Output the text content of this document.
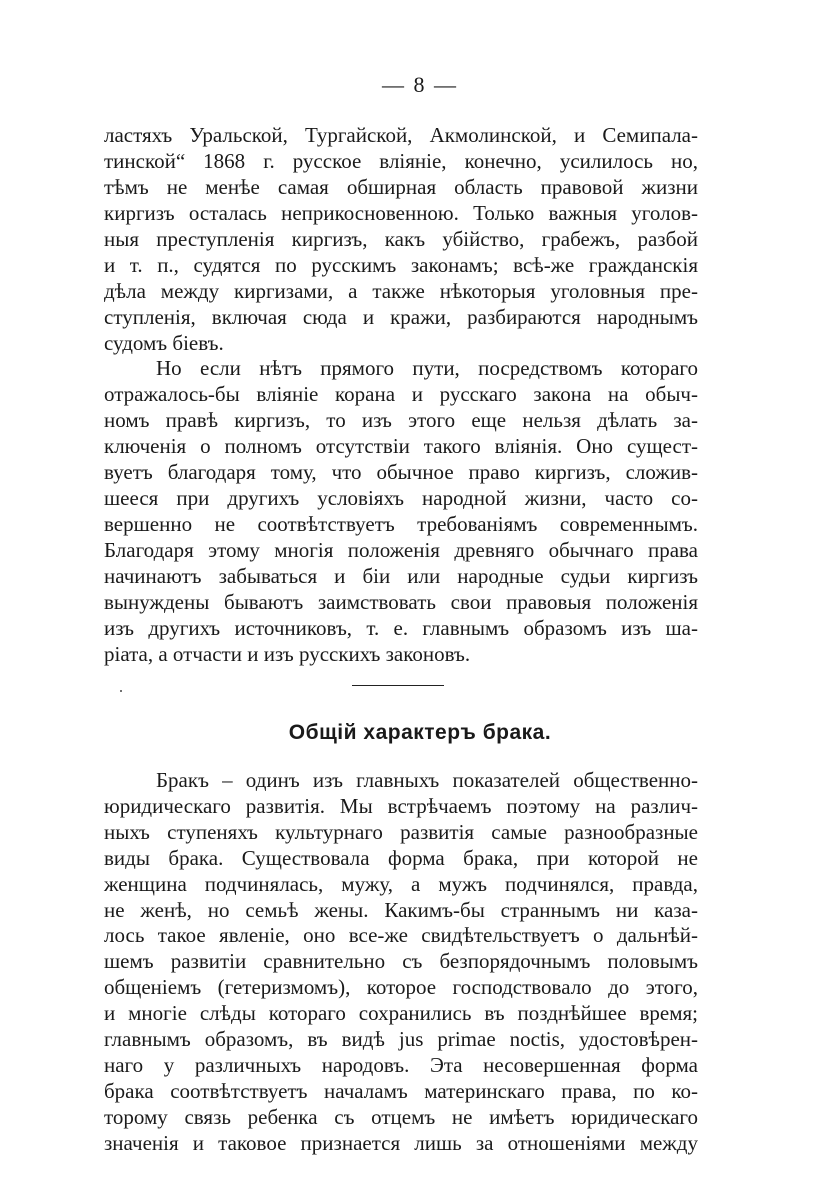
— 8 —
ластяхъ Уральской, Тургайской, Акмолинской, и Семипала-
тинской“ 1868 г. русское вліяніе, конечно, усилилось но,
тѣмъ не менѣе самая обширная область правовой жизни
киргизъ осталась неприкосновенною. Только важныя уголов-
ныя преступленія киргизъ, какъ убійство, грабежъ, разбой
и т. п., судятся по русскимъ законамъ; всѣ-же гражданскія
дѣла между киргизами, а также нѣкоторыя уголовныя пре-
ступленія, включая сюда и кражи, разбираются народнымъ
судомъ біевъ.
Но если нѣтъ прямого пути, посредствомъ котораго
отражалось-бы вліяніе корана и русскаго закона на обыч-
номъ правѣ киргизъ, то изъ этого еще нельзя дѣлать за-
ключенія о полномъ отсутствіи такого вліянія. Оно сущест-
вуетъ благодаря тому, что обычное право киргизъ, сложив-
шееся при другихъ условіяхъ народной жизни, часто со-
вершенно не соотвѣтствуетъ требованіямъ современнымъ.
Благодаря этому многія положенія древняго обычнаго права
начинаютъ забываться и біи или народные судьи киргизъ
вынуждены бываютъ заимствовать свои правовыя положенія
изъ другихъ источниковъ, т. е. главнымъ образомъ изъ ша-
ріата, а отчасти и изъ русскихъ законовъ.
Общій характеръ брака.
Бракъ – одинъ изъ главныхъ показателей общественно-
юридическаго развитія. Мы встрѣчаемъ поэтому на различ-
ныхъ ступеняхъ культурнаго развитія самые разнообразные
виды брака. Существовала форма брака, при которой не
женщина подчинялась, мужу, а мужъ подчинялся, правда,
не женѣ, но семьѣ жены. Какимъ-бы страннымъ ни каза-
лось такое явленіе, оно все-же свидѣтельствуетъ о дальнѣй-
шемъ развитіи сравнительно съ безпорядочнымъ половымъ
общеніемъ (гетеризмомъ), которое господствовало до этого,
и многіе слѣды котораго сохранились въ позднѣйшее время;
главнымъ образомъ, въ видѣ jus primae noctis, удостовѣрен-
наго у различныхъ народовъ. Эта несовершенная форма
брака соотвѣтствуетъ началамъ материнскаго права, по ко-
торому связь ребенка съ отцемъ не имѣетъ юридическаго
значенія и таковое признается лишь за отношеніями между
